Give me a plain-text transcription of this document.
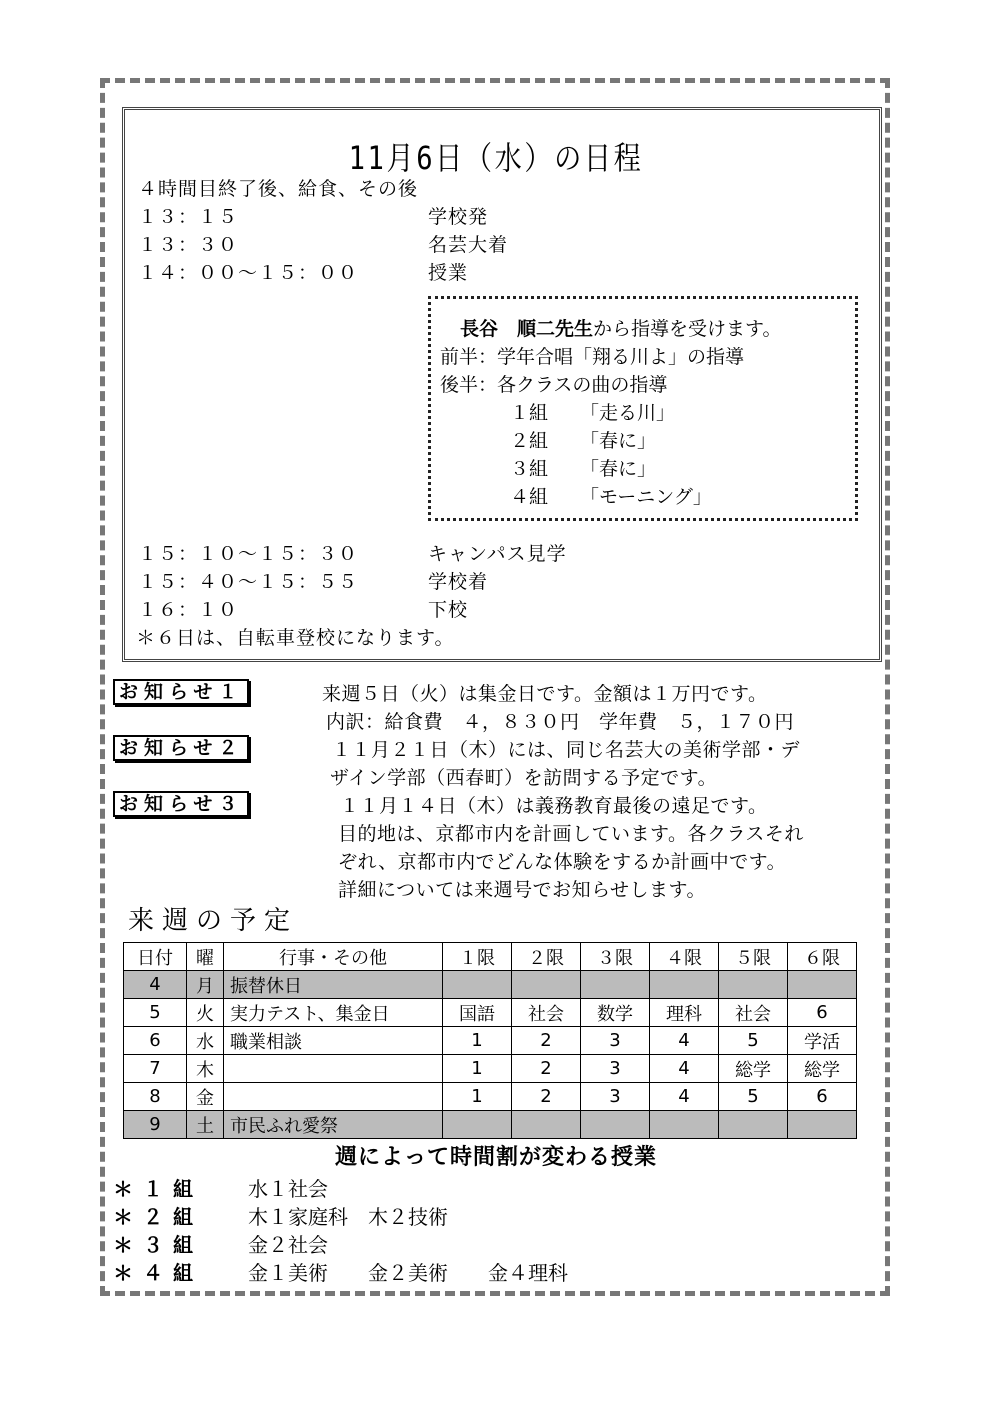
11月6日（水）の日程
４時間目終了後、給食、その後
１３：１５	学校発
１３：３０	名芸大着
１４：００～１５：００	授業
長谷　順二先生から指導を受けます。
前半：学年合唱「翔る川よ」の指導
後半：各クラスの曲の指導
１組 「走る川」
２組 「春に」
３組 「春に」
４組 「モーニング」
１５：１０～１５：３０	キャンパス見学
１５：４０～１５：５５	学校着
１６：１０	下校
＊６日は、自転車登校になります。
お知らせ１	来週５日（火）は集金日です。金額は１万円です。
内訳：給食費　４，８３０円　学年費　５，１７０円
お知らせ２	１１月２１日（木）には、同じ名芸大の美術学部・デ
ザイン学部（西春町）を訪問する予定です。
お知らせ３	１１月１４日（木）は義務教育最後の遠足です。
目的地は、京都市内を計画しています。各クラスそれ
ぞれ、京都市内でどんな体験をするか計画中です。
詳細については来週号でお知らせします。
来週の予定
日付	曜	行事・その他	１限	２限	３限	４限	５限	６限
4	月	振替休日						
5	火	実力テスト、集金日	国語	社会	数学	理科	社会	6
6	水	職業相談	1	2	3	4	5	学活
7	木		1	2	3	4	総学	総学
8	金		1	2	3	4	5	6
9	土	市民ふれ愛祭						
週によって時間割が変わる授業
＊１組 水１社会
＊２組 木１家庭科　木２技術
＊３組 金２社会
＊４組 金１美術　　金２美術　　金４理科
